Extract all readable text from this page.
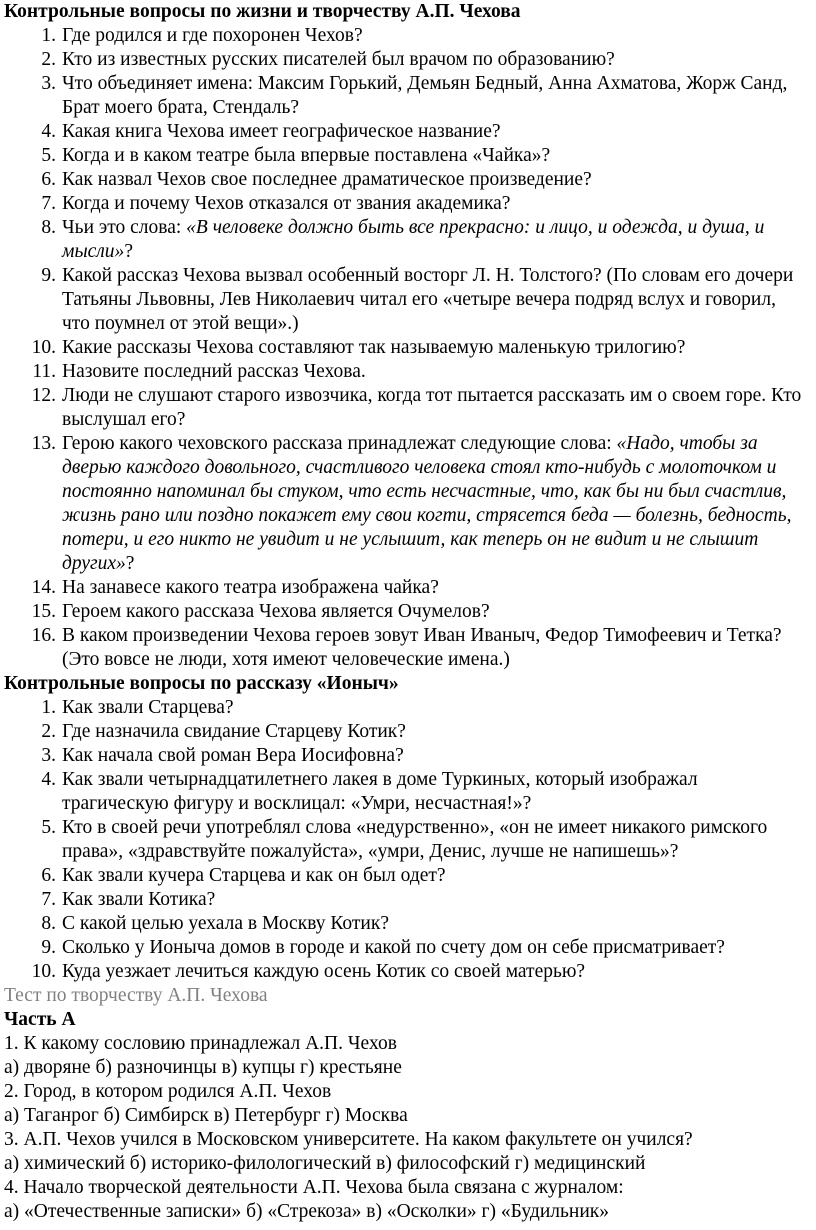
Контрольные вопросы по жизни и творчеству А.П. Чехова

1. Где родился и где похоронен Чехов?
2. Кто из известных русских писателей был врачом по образованию?
3. Что объединяет имена: Максим Горький, Демьян Бедный, Анна Ахматова, Жорж Санд, Брат моего брата, Стендаль?
4. Какая книга Чехова имеет географическое название?
5. Когда и в каком театре была впервые поставлена «Чайка»?
6. Как назвал Чехов свое последнее драматическое произведение?
7. Когда и почему Чехов отказался от звания академика?
8. Чьи это слова: «В человеке должно быть все прекрасно: и лицо, и одежда, и душа, и мысли»?
9. Какой рассказ Чехова вызвал особенный восторг Л. Н. Толстого? (По словам его дочери Татьяны Львовны, Лев Николаевич читал его «четыре вечера подряд вслух и говорил, что поумнел от этой вещи».)
10. Какие рассказы Чехова составляют так называемую маленькую трилогию?
11. Назовите последний рассказ Чехова.
12. Люди не слушают старого извозчика, когда тот пытается рассказать им о своем горе. Кто выслушал его?
13. Герою какого чеховского рассказа принадлежат следующие слова: «Надо, чтобы за дверью каждого довольного, счастливого человека стоял кто-нибудь с молоточком и постоянно напоминал бы стуком, что есть несчастные, что, как бы ни был счастлив, жизнь рано или поздно покажет ему свои когти, стрясется беда — болезнь, бедность, потери, и его никто не увидит и не услышит, как теперь он не видит и не слышит других»?
14. На занавесе какого театра изображена чайка?
15. Героем какого рассказа Чехова является Очумелов?
16. В каком произведении Чехова героев зовут Иван Иваныч, Федор Тимофеевич и Тетка? (Это вовсе не люди, хотя имеют человеческие имена.)

Контрольные вопросы по рассказу «Ионыч»

1. Как звали Старцева?
2. Где назначила свидание Старцеву Котик?
3. Как начала свой роман Вера Иосифовна?
4. Как звали четырнадцатилетнего лакея в доме Туркиных, который изображал трагическую фигуру и восклицал: «Умри, несчастная!»?
5. Кто в своей речи употреблял слова «недурственно», «он не имеет никакого римского права», «здравствуйте пожалуйста», «умри, Денис, лучше не напишешь»?
6. Как звали кучера Старцева и как он был одет?
7. Как звали Котика?
8. С какой целью уехала в Москву Котик?
9. Сколько у Ионыча домов в городе и какой по счету дом он себе присматривает?
10. Куда уезжает лечиться каждую осень Котик со своей матерью?

Тест по творчеству А.П. Чехова

Часть А

1. К какому сословию принадлежал А.П. Чехов

а) дворяне б) разночинцы в) купцы г) крестьяне

2. Город, в котором родился А.П. Чехов

а) Таганрог б) Симбирск в) Петербург г) Москва

3. А.П. Чехов учился в Московском университете. На каком факультете он учился?

а) химический б) историко-филологический в) философский г) медицинский

4. Начало творческой деятельности А.П. Чехова была связана с журналом:

а) «Отечественные записки» б) «Стрекоза» в) «Осколки» г) «Будильник»
